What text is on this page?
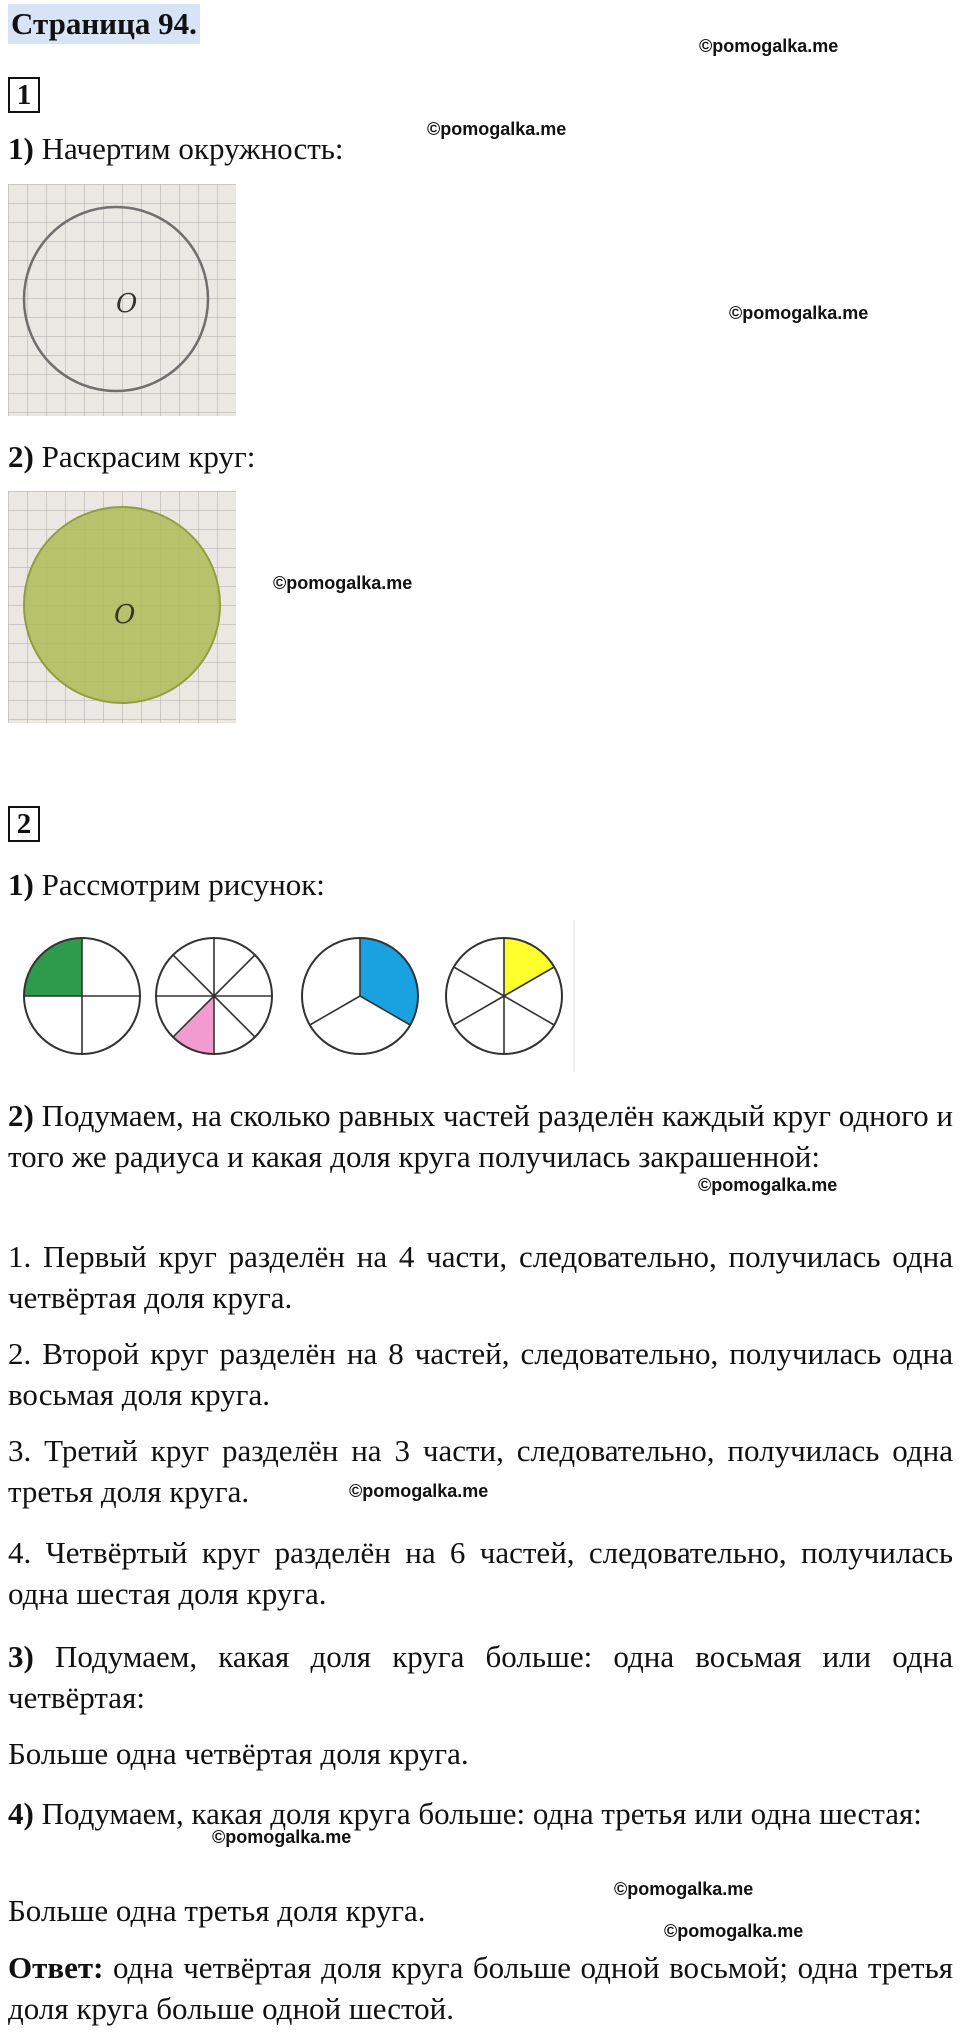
Страница 94.
©pomogalka.me
©pomogalka.me
©pomogalka.me
©pomogalka.me
©pomogalka.me
©pomogalka.me
©pomogalka.me
©pomogalka.me
©pomogalka.me
1
1) Начертим окружность:
О
2) Раскрасим круг:
О
2
1) Рассмотрим рисунок:
2) Подумаем, на сколько равных частей разделён каждый круг одного и того же радиуса и какая доля круга получилась закрашенной:
1. Первый круг разделён на 4 части, следовательно, получилась одна четвёртая доля круга.
2. Второй круг разделён на 8 частей, следовательно, получилась одна восьмая доля круга.
3. Третий круг разделён на 3 части, следовательно, получилась одна третья доля круга.
4. Четвёртый круг разделён на 6 частей, следовательно, получилась одна шестая доля круга.
3) Подумаем, какая доля круга больше: одна восьмая или одна четвёртая:
Больше одна четвёртая доля круга.
4) Подумаем, какая доля круга больше: одна третья или одна шестая:
Больше одна третья доля круга.
Ответ: одна четвёртая доля круга больше одной восьмой; одна третья доля круга больше одной шестой.
